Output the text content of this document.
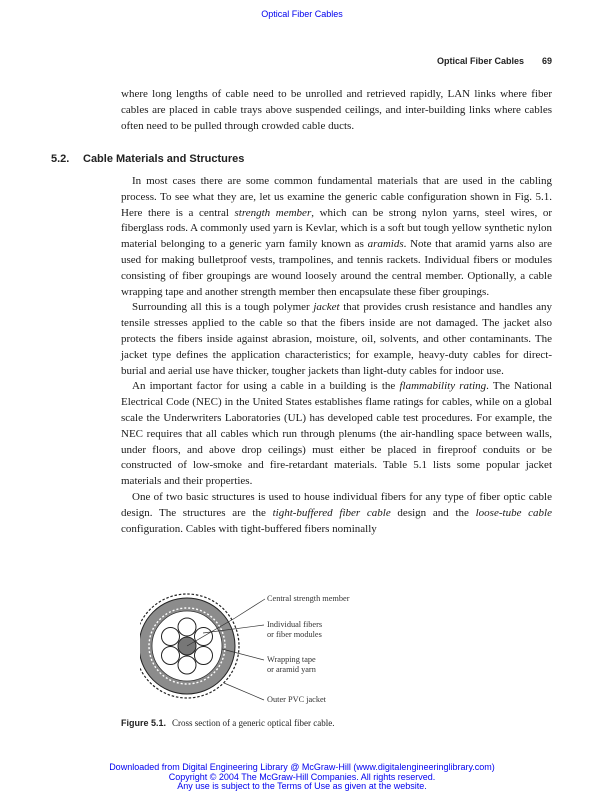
Optical Fiber Cables
Optical Fiber Cables 69

where long lengths of cable need to be unrolled and retrieved rapidly, LAN links where fiber cables are placed in cable trays above suspended ceilings, and inter-building links where cables often need to be pulled through crowded cable ducts.

5.2. Cable Materials and Structures

In most cases there are some common fundamental materials that are used in the cabling process. To see what they are, let us examine the generic cable configuration shown in Fig. 5.1. Here there is a central strength member, which can be strong nylon yarns, steel wires, or fiberglass rods. A commonly used yarn is Kevlar, which is a soft but tough yellow synthetic nylon material belonging to a generic yarn family known as aramids. Note that aramid yarns also are used for making bulletproof vests, trampolines, and tennis rackets. Individual fibers or modules consisting of fiber groupings are wound loosely around the central member. Optionally, a cable wrapping tape and another strength member then encapsulate these fiber groupings.

Surrounding all this is a tough polymer jacket that provides crush resistance and handles any tensile stresses applied to the cable so that the fibers inside are not damaged. The jacket also protects the fibers inside against abrasion, moisture, oil, solvents, and other contaminants. The jacket type defines the application characteristics; for example, heavy-duty cables for direct-burial and aerial use have thicker, tougher jackets than light-duty cables for indoor use.

An important factor for using a cable in a building is the flammability rating. The National Electrical Code (NEC) in the United States establishes flame ratings for cables, while on a global scale the Underwriters Laboratories (UL) has developed cable test procedures. For example, the NEC requires that all cables which run through plenums (the air-handling space between walls, under floors, and above drop ceilings) must either be placed in fireproof conduits or be constructed of low-smoke and fire-retardant materials. Table 5.1 lists some popular jacket materials and their properties.

One of two basic structures is used to house individual fibers for any type of fiber optic cable design. The structures are the tight-buffered fiber cable design and the loose-tube cable configuration. Cables with tight-buffered fibers nominally

Central strength member
Individual fibers
or fiber modules
Wrapping tape
or aramid yarn
Outer PVC jacket
Figure 5.1. Cross section of a generic optical fiber cable.
Downloaded from Digital Engineering Library @ McGraw-Hill (www.digitalengineeringlibrary.com)
Copyright © 2004 The McGraw-Hill Companies. All rights reserved.
Any use is subject to the Terms of Use as given at the website.
